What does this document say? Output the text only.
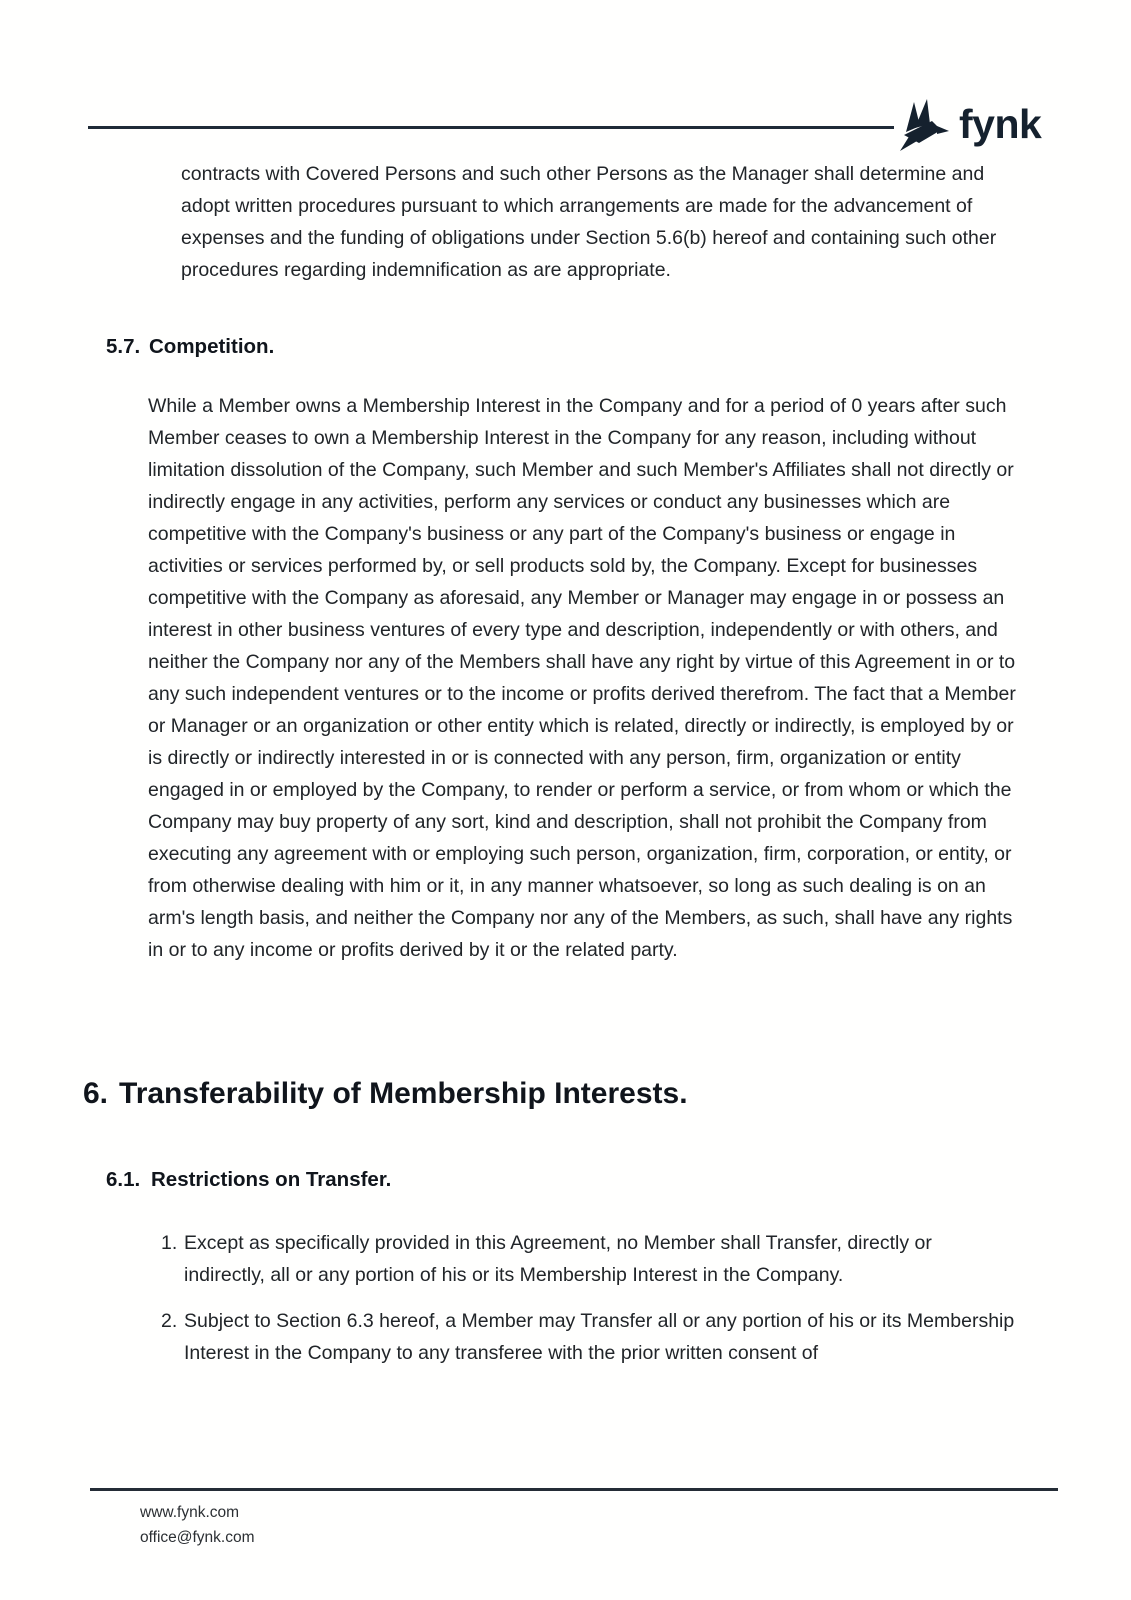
fynk
contracts with Covered Persons and such other Persons as the Manager shall determine and adopt written procedures pursuant to which arrangements are made for the advancement of expenses and the funding of obligations under Section 5.6(b) hereof and containing such other procedures regarding indemnification as are appropriate.
5.7. Competition.
While a Member owns a Membership Interest in the Company and for a period of 0 years after such Member ceases to own a Membership Interest in the Company for any reason, including without limitation dissolution of the Company, such Member and such Member's Affiliates shall not directly or indirectly engage in any activities, perform any services or conduct any businesses which are competitive with the Company's business or any part of the Company's business or engage in activities or services performed by, or sell products sold by, the Company. Except for businesses competitive with the Company as aforesaid, any Member or Manager may engage in or possess an interest in other business ventures of every type and description, independently or with others, and neither the Company nor any of the Members shall have any right by virtue of this Agreement in or to any such independent ventures or to the income or profits derived therefrom. The fact that a Member or Manager or an organization or other entity which is related, directly or indirectly, is employed by or is directly or indirectly interested in or is connected with any person, firm, organization or entity engaged in or employed by the Company, to render or perform a service, or from whom or which the Company may buy property of any sort, kind and description, shall not prohibit the Company from executing any agreement with or employing such person, organization, firm, corporation, or entity, or from otherwise dealing with him or it, in any manner whatsoever, so long as such dealing is on an arm's length basis, and neither the Company nor any of the Members, as such, shall have any rights in or to any income or profits derived by it or the related party.
6. Transferability of Membership Interests.
6.1. Restrictions on Transfer.
1. Except as specifically provided in this Agreement, no Member shall Transfer, directly or indirectly, all or any portion of his or its Membership Interest in the Company.
2. Subject to Section 6.3 hereof, a Member may Transfer all or any portion of his or its Membership Interest in the Company to any transferee with the prior written consent of
www.fynk.com
office@fynk.com
